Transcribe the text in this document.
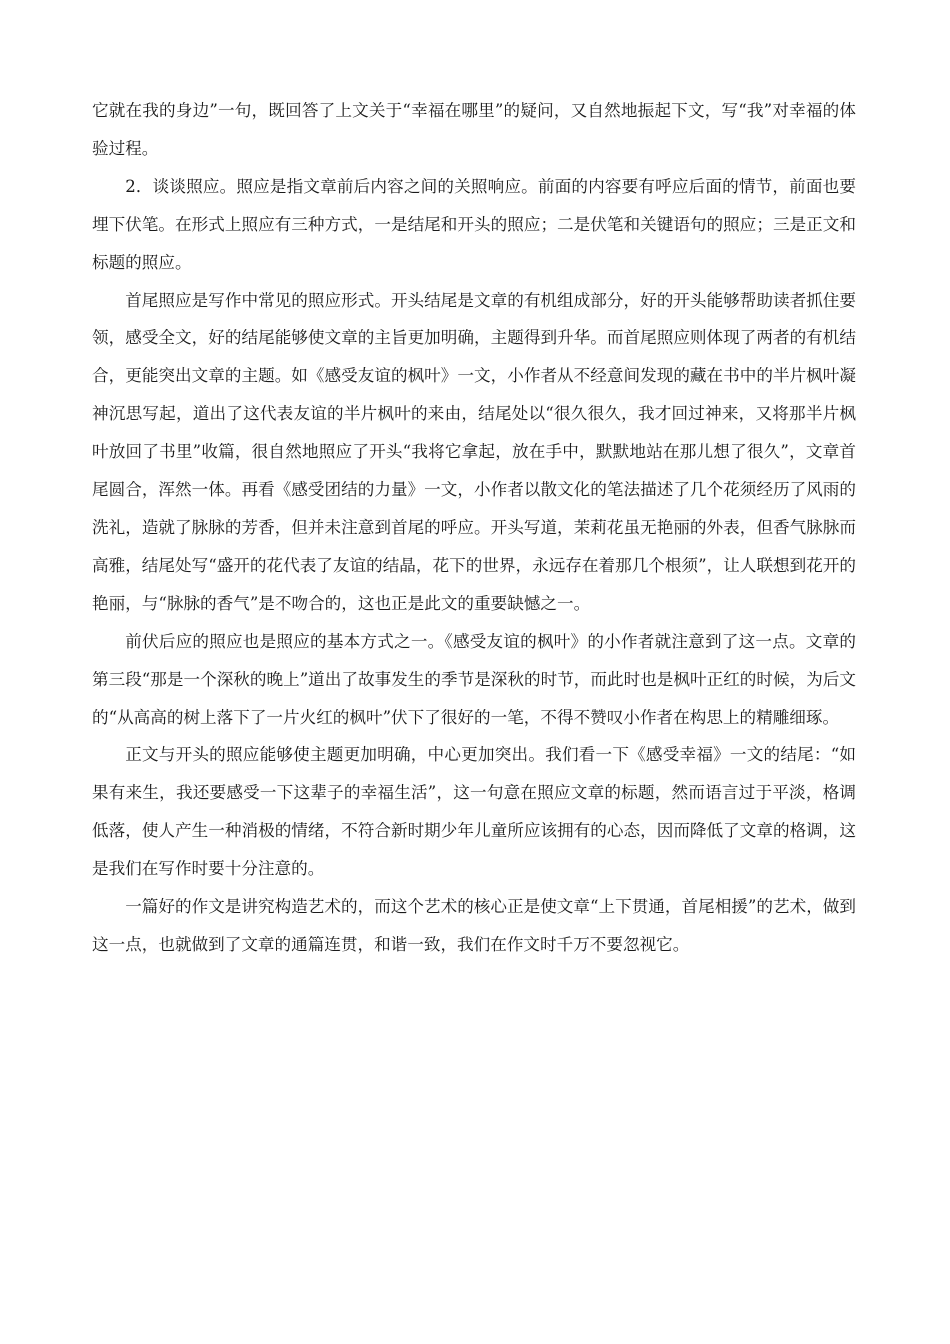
它就在我的身边”一句，既回答了上文关于“幸福在哪里”的疑问，又自然地振起下文，写“我”对幸福的体验过程。

2．谈谈照应。照应是指文章前后内容之间的关照响应。前面的内容要有呼应后面的情节，前面也要埋下伏笔。在形式上照应有三种方式，一是结尾和开头的照应；二是伏笔和关键语句的照应；三是正文和标题的照应。

首尾照应是写作中常见的照应形式。开头结尾是文章的有机组成部分，好的开头能够帮助读者抓住要领，感受全文，好的结尾能够使文章的主旨更加明确，主题得到升华。而首尾照应则体现了两者的有机结合，更能突出文章的主题。如《感受友谊的枫叶》一文，小作者从不经意间发现的藏在书中的半片枫叶凝神沉思写起，道出了这代表友谊的半片枫叶的来由，结尾处以“很久很久，我才回过神来，又将那半片枫叶放回了书里”收篇，很自然地照应了开头“我将它拿起，放在手中，默默地站在那儿想了很久”，文章首尾圆合，浑然一体。再看《感受团结的力量》一文，小作者以散文化的笔法描述了几个花须经历了风雨的洗礼，造就了脉脉的芳香，但并未注意到首尾的呼应。开头写道，茉莉花虽无艳丽的外表，但香气脉脉而高雅，结尾处写“盛开的花代表了友谊的结晶，花下的世界，永远存在着那几个根须”，让人联想到花开的艳丽，与“脉脉的香气”是不吻合的，这也正是此文的重要缺憾之一。

前伏后应的照应也是照应的基本方式之一。《感受友谊的枫叶》的小作者就注意到了这一点。文章的第三段“那是一个深秋的晚上”道出了故事发生的季节是深秋的时节，而此时也是枫叶正红的时候，为后文的“从高高的树上落下了一片火红的枫叶”伏下了很好的一笔，不得不赞叹小作者在构思上的精雕细琢。

正文与开头的照应能够使主题更加明确，中心更加突出。我们看一下《感受幸福》一文的结尾：“如果有来生，我还要感受一下这辈子的幸福生活”，这一句意在照应文章的标题，然而语言过于平淡，格调低落，使人产生一种消极的情绪，不符合新时期少年儿童所应该拥有的心态，因而降低了文章的格调，这是我们在写作时要十分注意的。

一篇好的作文是讲究构造艺术的，而这个艺术的核心正是使文章“上下贯通，首尾相援”的艺术，做到这一点，也就做到了文章的通篇连贯，和谐一致，我们在作文时千万不要忽视它。
